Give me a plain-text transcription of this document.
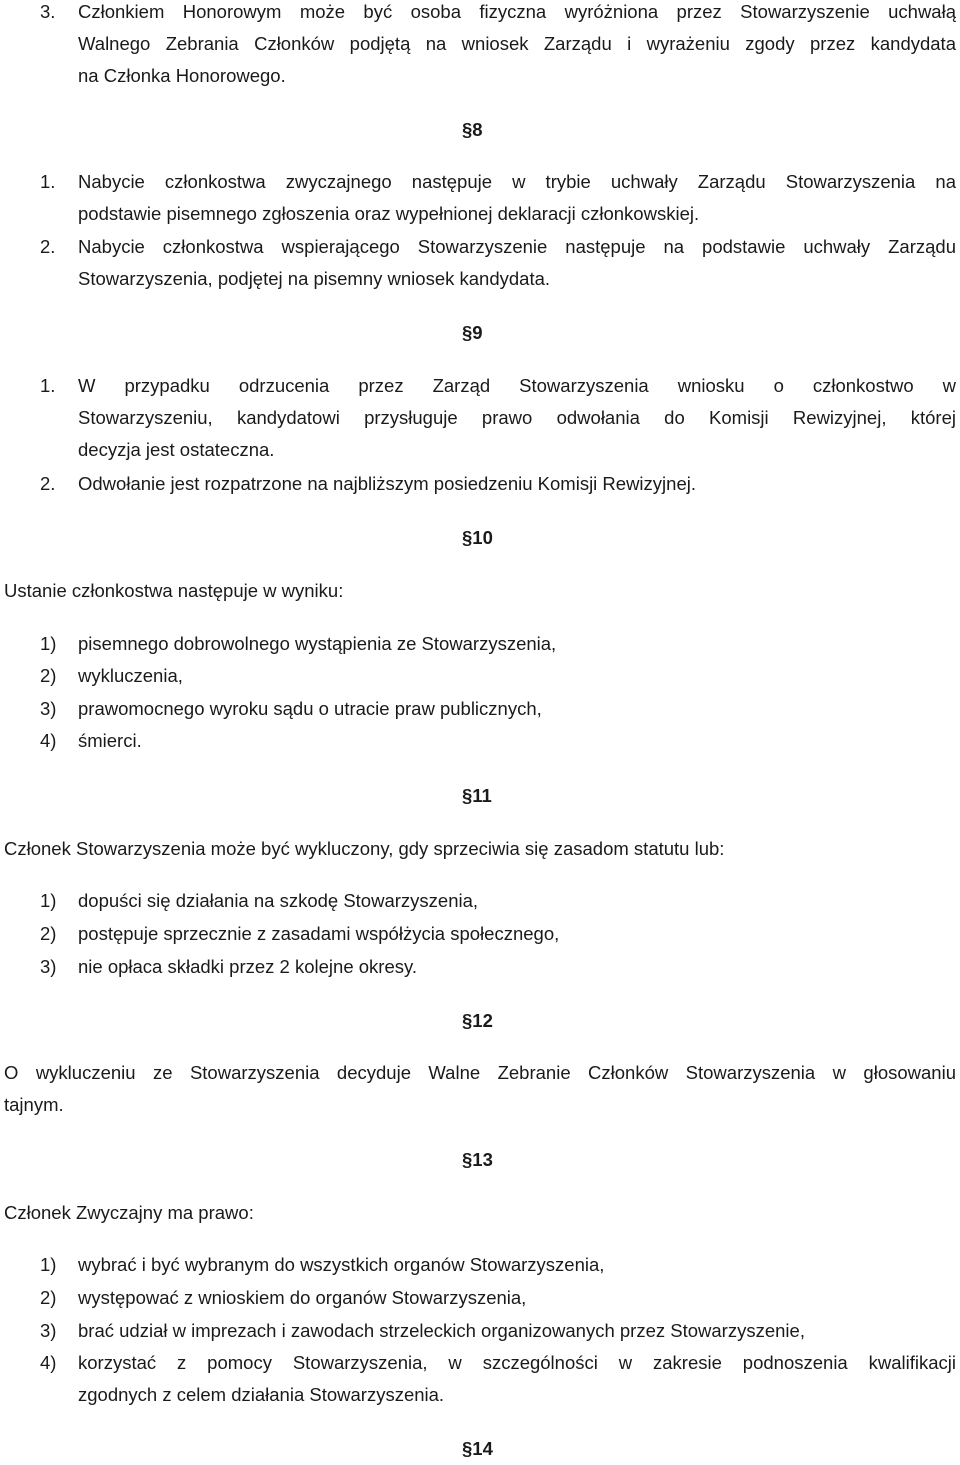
3. Członkiem Honorowym może być osoba fizyczna wyróżniona przez Stowarzyszenie uchwałą
Walnego Zebrania Członków podjętą na wniosek Zarządu i wyrażeniu zgody przez kandydata
na Członka Honorowego.
§8
1. Nabycie członkostwa zwyczajnego następuje w trybie uchwały Zarządu Stowarzyszenia na
podstawie pisemnego zgłoszenia oraz wypełnionej deklaracji członkowskiej.
2. Nabycie członkostwa wspierającego Stowarzyszenie następuje na podstawie uchwały Zarządu
Stowarzyszenia, podjętej na pisemny wniosek kandydata.
§9
1. W przypadku odrzucenia przez Zarząd Stowarzyszenia wniosku o członkostwo w
Stowarzyszeniu, kandydatowi przysługuje prawo odwołania do Komisji Rewizyjnej, której
decyzja jest ostateczna.
2. Odwołanie jest rozpatrzone na najbliższym posiedzeniu Komisji Rewizyjnej.
§10
Ustanie członkostwa następuje w wyniku:
1) pisemnego dobrowolnego wystąpienia ze Stowarzyszenia,
2) wykluczenia,
3) prawomocnego wyroku sądu o utracie praw publicznych,
4) śmierci.
§11
Członek Stowarzyszenia może być wykluczony, gdy sprzeciwia się zasadom statutu lub:
1) dopuści się działania na szkodę Stowarzyszenia,
2) postępuje sprzecznie z zasadami współżycia społecznego,
3) nie opłaca składki przez 2 kolejne okresy.
§12
O wykluczeniu ze Stowarzyszenia decyduje Walne Zebranie Członków Stowarzyszenia w głosowaniu
tajnym.
§13
Członek Zwyczajny ma prawo:
1) wybrać i być wybranym do wszystkich organów Stowarzyszenia,
2) występować z wnioskiem do organów Stowarzyszenia,
3) brać udział w imprezach i zawodach strzeleckich organizowanych przez Stowarzyszenie,
4) korzystać z pomocy Stowarzyszenia, w szczególności w zakresie podnoszenia kwalifikacji
zgodnych z celem działania Stowarzyszenia.
§14
